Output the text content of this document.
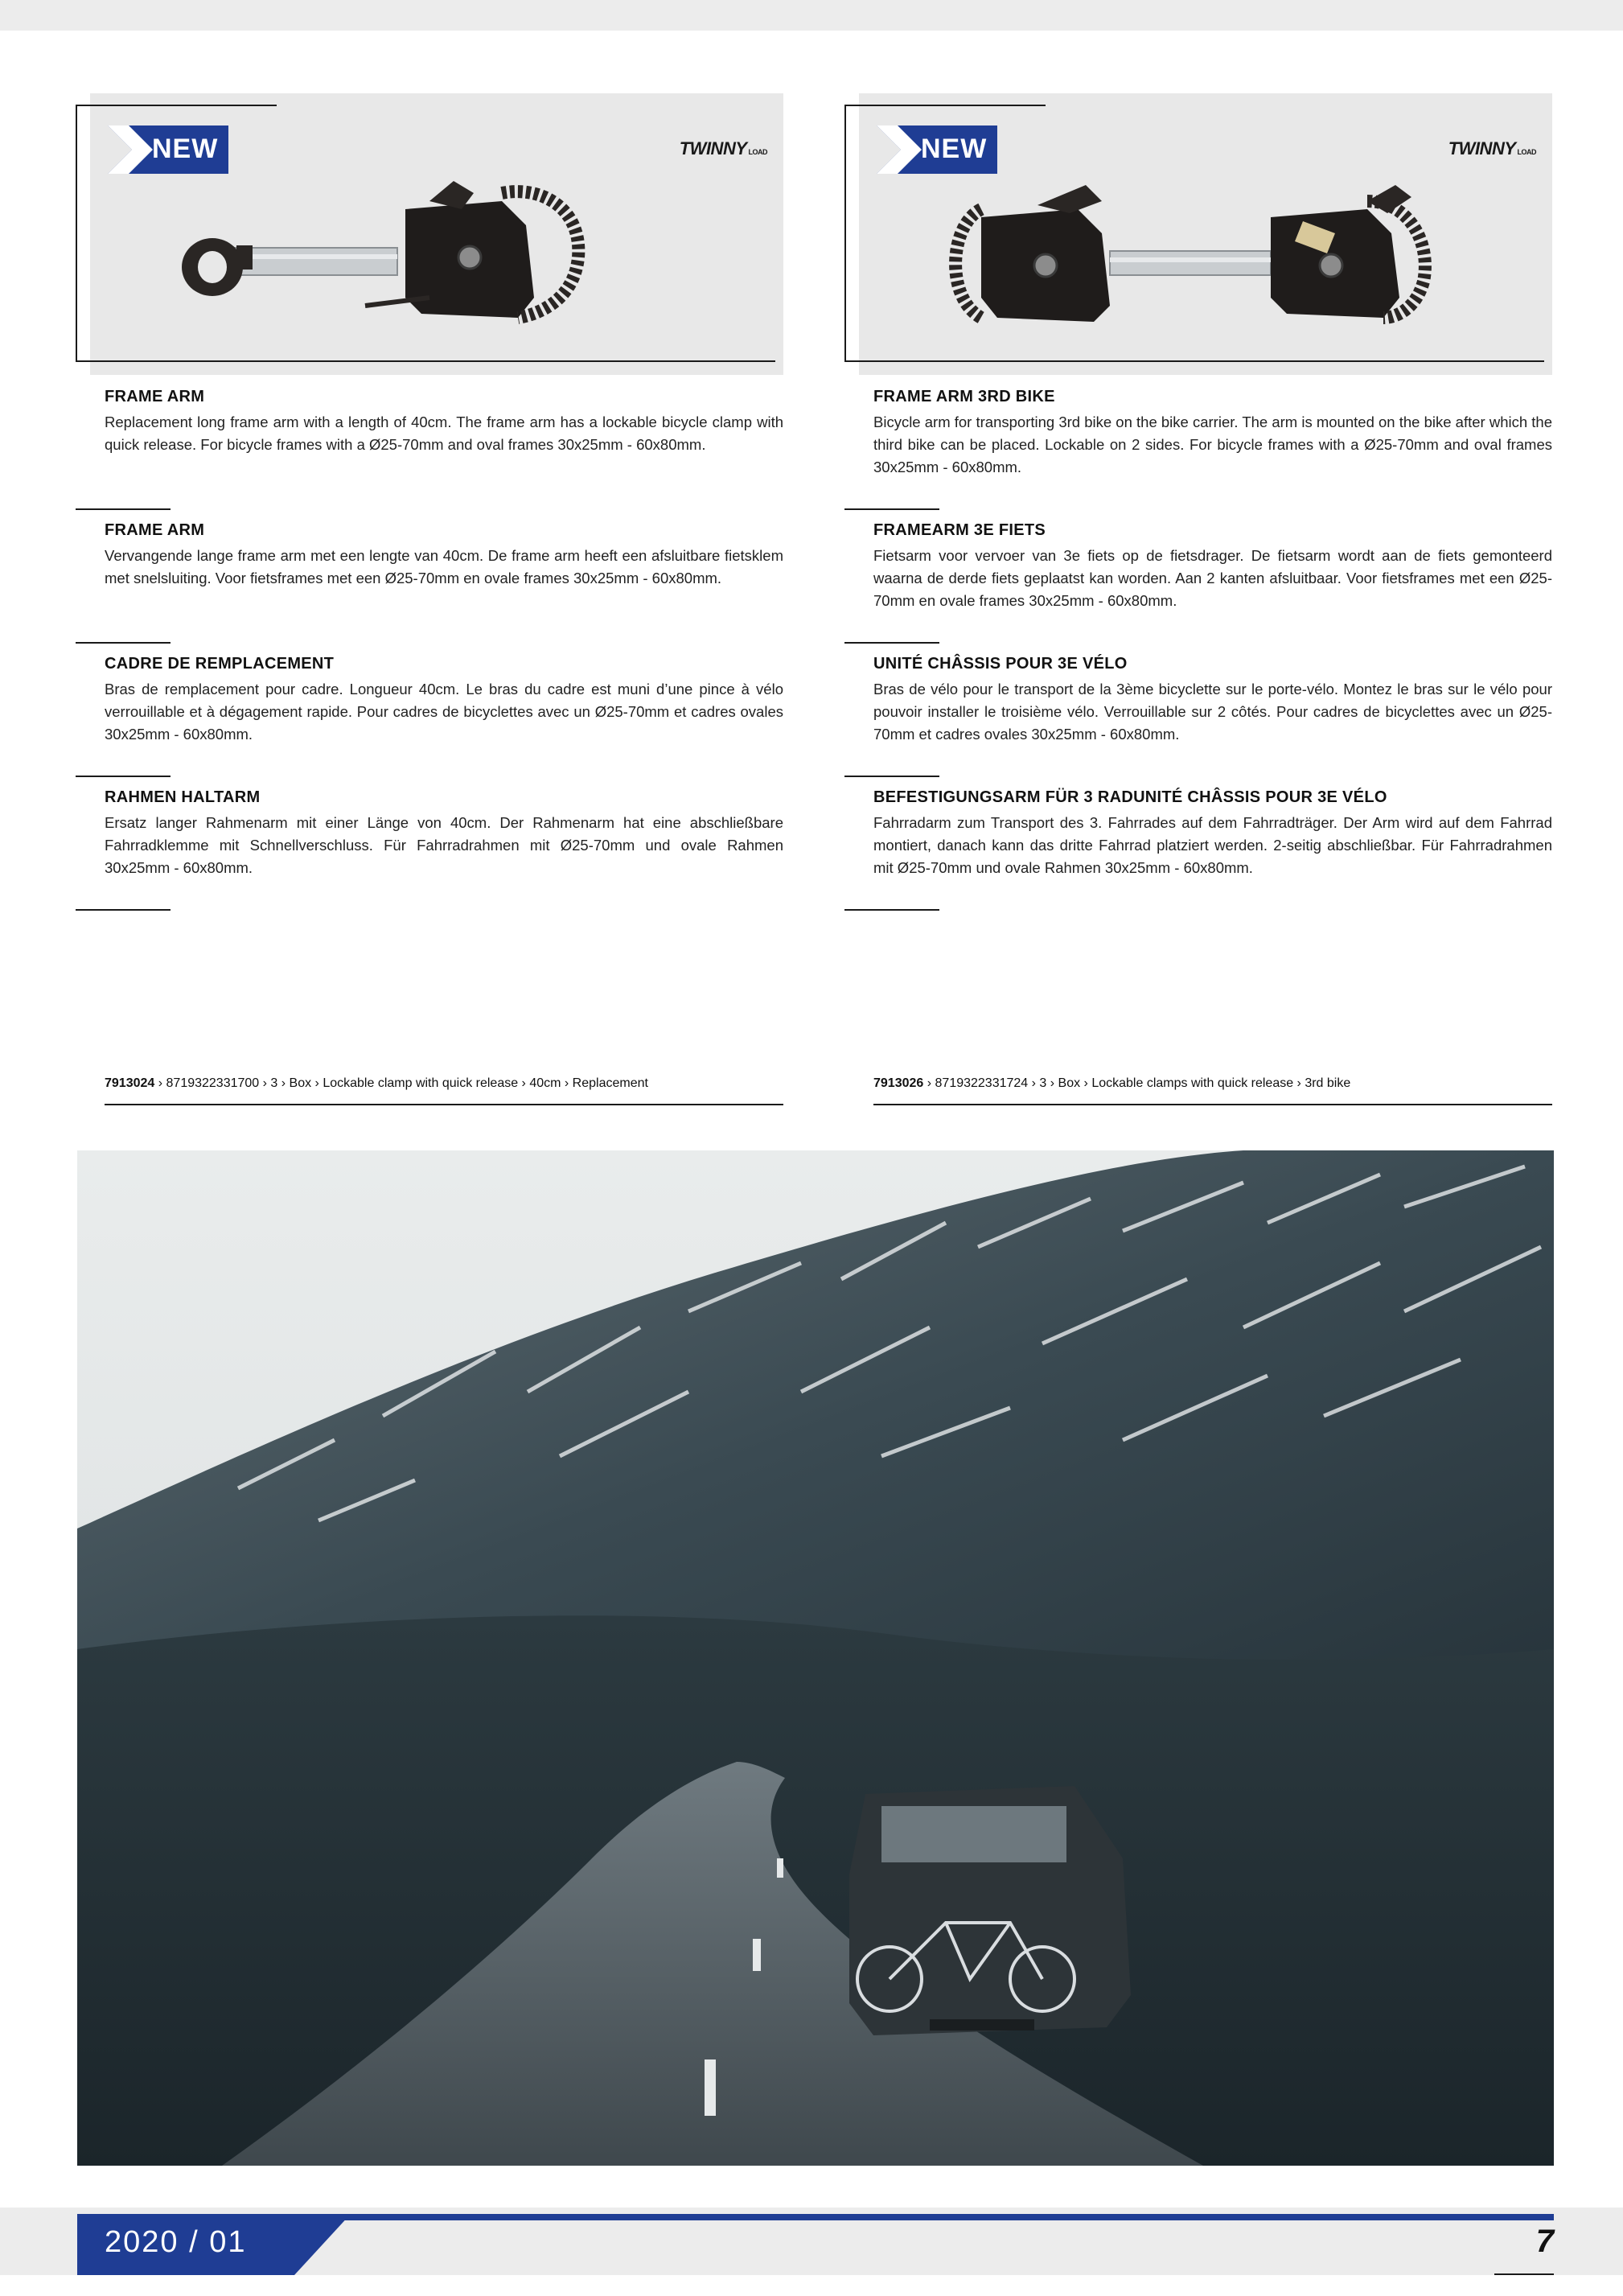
NEW	TWINNY LOAD
FRAME ARM
Replacement long frame arm with a length of 40cm. The frame arm has a lockable bicycle clamp with quick release. For bicycle frames with a Ø25-70mm and oval frames 30x25mm - 60x80mm.
FRAME ARM
Vervangende lange frame arm met een lengte van 40cm. De frame arm heeft een afsluitbare fietsklem met snelsluiting. Voor fietsframes met een Ø25-70mm en ovale frames 30x25mm - 60x80mm.
CADRE DE REMPLACEMENT
Bras de remplacement pour cadre. Longueur 40cm. Le bras du cadre est muni d’une pince à vélo verrouillable et à dégagement rapide. Pour cadres de bicyclettes avec un Ø25-70mm et cadres ovales 30x25mm - 60x80mm.
RAHMEN HALTARM
Ersatz langer Rahmenarm mit einer Länge von 40cm. Der Rahmenarm hat eine abschließbare Fahrradklemme mit Schnellverschluss. Für Fahrradrahmen mit Ø25-70mm und ovale Rahmen 30x25mm - 60x80mm.
7913024 › 8719322331700 › 3 › Box › Lockable clamp with quick release › 40cm › Replacement
NEW	TWINNY LOAD
FRAME ARM 3RD BIKE
Bicycle arm for transporting 3rd bike on the bike carrier. The arm is mounted on the bike after which the third bike can be placed. Lockable on 2 sides. For bicycle frames with a Ø25-70mm and oval frames 30x25mm - 60x80mm.
FRAMEARM 3E FIETS
Fietsarm voor vervoer van 3e fiets op de fietsdrager. De fietsarm wordt aan de fiets gemonteerd waarna de derde fiets geplaatst kan worden. Aan 2 kanten afsluitbaar. Voor fietsframes met een Ø25-70mm en ovale frames 30x25mm - 60x80mm.
UNITÉ CHÂSSIS POUR 3E VÉLO
Bras de vélo pour le transport de la 3ème bicyclette sur le porte-vélo. Montez le bras sur le vélo pour pouvoir installer le troisième vélo. Verrouillable sur 2 côtés. Pour cadres de bicyclettes avec un Ø25-70mm et cadres ovales 30x25mm - 60x80mm.
BEFESTIGUNGSARM FÜR 3 RADUNITÉ CHÂSSIS POUR 3E VÉLO
Fahrradarm zum Transport des 3. Fahrrades auf dem Fahrradträger. Der Arm wird auf dem Fahrrad montiert, danach kann das dritte Fahrrad platziert werden. 2-seitig abschließbar. Für Fahrradrahmen mit Ø25-70mm und ovale Rahmen 30x25mm - 60x80mm.
7913026 › 8719322331724 › 3 › Box › Lockable clamps with quick release › 3rd bike
2020 / 01	7
